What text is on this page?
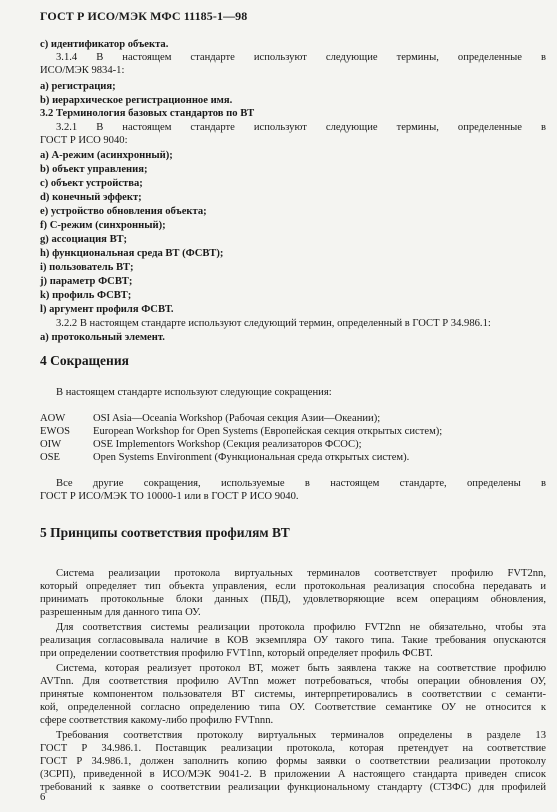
ГОСТ Р ИСО/МЭК МФС 11185-1—98
с) идентификатор объекта.
3.1.4 В настоящем стандарте используют следующие термины, определенные в
ИСО/МЭК 9834-1:
a) регистрация;
b) иерархическое регистрационное имя.
3.2 Терминология базовых стандартов по ВТ
3.2.1 В настоящем стандарте используют следующие термины, определенные в
ГОСТ Р ИСО 9040:
a) А-режим (асинхронный);
b) объект управления;
с) объект устройства;
d) конечный эффект;
е) устройство обновления объекта;
f) С-режим (синхронный);
g) ассоциация ВТ;
h) функциональная среда ВТ (ФСВТ);
i) пользователь ВТ;
j) параметр ФСВТ;
k) профиль ФСВТ;
l) аргумент профиля ФСВТ.
3.2.2 В настоящем стандарте используют следующий термин, определенный в ГОСТ Р 34.986.1:
а) протокольный элемент.
4 Сокращения
В настоящем стандарте используют следующие сокращения:
AOW	OSI Asia—Oceania Workshop (Рабочая секция Азии—Океании);
EWOS European Workshop for Open Systems (Европейская секция открытых систем);
OIW	OSE Implementors Workshop (Секция реализаторов ФСОС);
OSE	Open Systems Environment (Функциональная среда открытых систем).
Все другие сокращения, используемые в настоящем стандарте, определены в
ГОСТ Р ИСО/МЭК ТО 10000-1 или в ГОСТ Р ИСО 9040.
5 Принципы соответствия профилям ВТ
Система реализации протокола виртуальных терминалов соответствует профилю FVT2nn,
который определяет тип объекта управления, если протокольная реализация способна передавать и
принимать протокольные блоки данных (ПБД), удовлетворяющие всем операциям обновления,
разрешенным для данного типа ОУ.
Для соответствия системы реализации протокола профилю FVT2nn не обязательно, чтобы эта
реализация согласовывала наличие в КОВ экземпляра ОУ такого типа. Такие требования опускаются
при определении соответствия профилю FVT1nn, который определяет профиль ФСВТ.
Система, которая реализует протокол ВТ, может быть заявлена также на соответствие профилю
AVTnn. Для соответствия профилю AVTnn может потребоваться, чтобы операции обновления ОУ,
принятые компонентом пользователя ВТ системы, интерпретировались в соответствии с семанти-
кой, определенной согласно определению типа ОУ. Соответствие семантике ОУ не относится к
сфере соответствия какому-либо профилю FVTnnn.
Требования соответствия протоколу виртуальных терминалов определены в разделе 13
ГОСТ Р 34.986.1. Поставщик реализации протокола, которая претендует на соответствие
ГОСТ Р 34.986.1, должен заполнить копию формы заявки о соответствии реализации протоколу
(ЗСРП), приведенной в ИСО/МЭК 9041-2. В приложении А настоящего стандарта приведен список
требований к заявке о соответствии реализации функциональному стандарту (СТЗФС) для профилей
6
